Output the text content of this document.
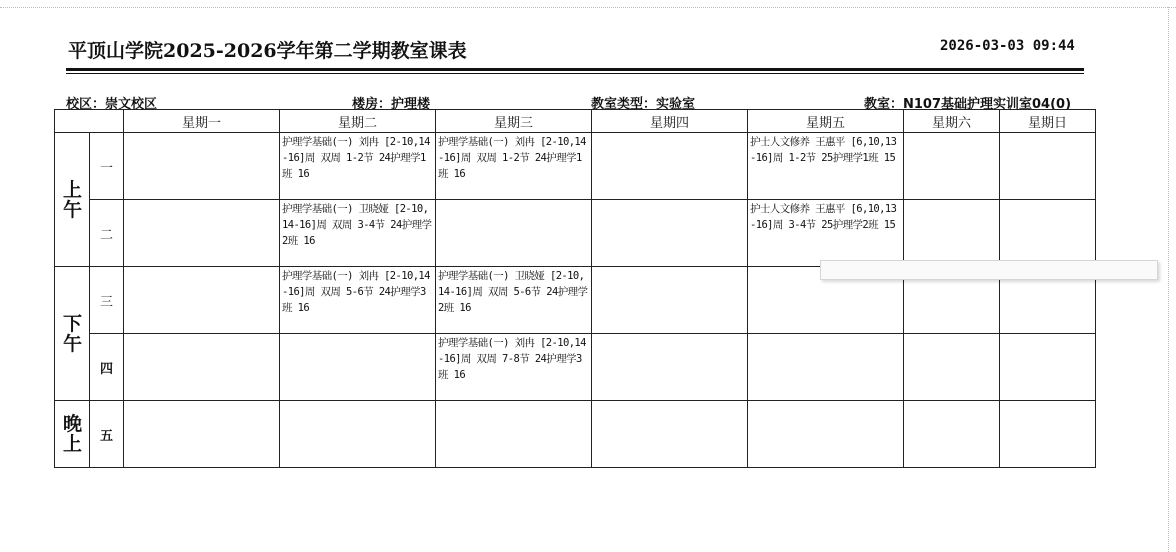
平顶山学院2025-2026学年第二学期教室课表	2026-03-03 09:44
校区：崇文校区	楼房：护理楼	教室类型：实验室	教室：N107基础护理实训室04(0)
		星期一	星期二	星期三	星期四	星期五	星期六	星期日

上午	一		护理学基础(一) 刘冉 [2-10,14-16]周 双周 1-2节 24护理学1班 16	护理学基础(一) 刘冉 [2-10,14-16]周 双周 1-2节 24护理学1班 16		护士人文修养 王惠平 [6,10,13-16]周 1-2节 25护理学1班 15		

	二		护理学基础(一) 卫晓娅 [2-10,14-16]周 双周 3-4节 24护理学2班 16			护士人文修养 王惠平 [6,10,13-16]周 3-4节 25护理学2班 15		

下午	三		护理学基础(一) 刘冉 [2-10,14-16]周 双周 5-6节 24护理学3班 16	护理学基础(一) 卫晓娅 [2-10,14-16]周 双周 5-6节 24护理学2班 16				

	四			护理学基础(一) 刘冉 [2-10,14-16]周 双周 7-8节 24护理学3班 16				

晚上	五							
